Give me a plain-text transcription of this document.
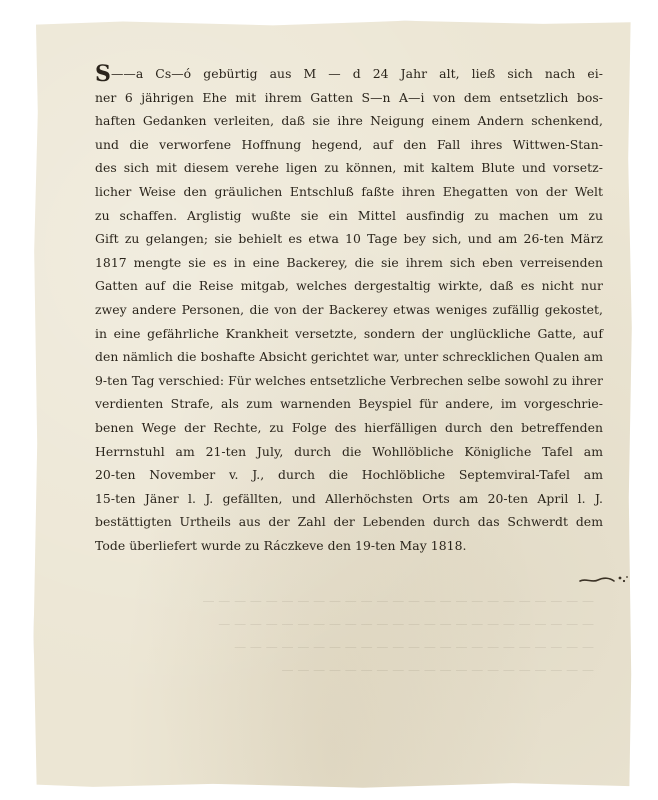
S——a Cs—ó gebürtig aus M — d 24 Jahr alt, ließ sich nach ei-
ner 6 jährigen Ehe mit ihrem Gatten S—n A—i von dem entsetzlich bos-
haften Gedanken verleiten, daß sie ihre Neigung einem Andern schenkend,
und die verworfene Hoffnung hegend, auf den Fall ihres Wittwen-Stan-
des sich mit diesem verehe ligen zu können, mit kaltem Blute und vorsetz-
licher Weise den gräulichen Entschluß faßte ihren Ehegatten von der Welt
zu schaffen. Arglistig wußte sie ein Mittel ausfindig zu machen um zu
Gift zu gelangen; sie behielt es etwa 10 Tage bey sich, und am 26-ten März
1817 mengte sie es in eine Backerey, die sie ihrem sich eben verreisenden
Gatten auf die Reise mitgab, welches dergestaltig wirkte, daß es nicht nur
zwey andere Personen, die von der Backerey etwas weniges zufällig gekostet,
in eine gefährliche Krankheit versetzte, sondern der unglückliche Gatte, auf
den nämlich die boshafte Absicht gerichtet war, unter schrecklichen Qualen am
9-ten Tag verschied: Für welches entsetzliche Verbrechen selbe sowohl zu ihrer
verdienten Strafe, als zum warnenden Beyspiel für andere, im vorgeschrie-
benen Wege der Rechte, zu Folge des hierfälligen durch den betreffenden
Herrnstuhl am 21-ten July, durch die Wohllöbliche Königliche Tafel am
20-ten November v. J., durch die Hochlöbliche Septemviral-Tafel am
15-ten Jäner l. J. gefällten, und Allerhöchsten Orts am 20-ten April l. J.
bestättigten Urtheils aus der Zahl der Lebenden durch das Schwerdt dem
Tode überliefert wurde zu Ráczkeve den 19-ten May 1818.
